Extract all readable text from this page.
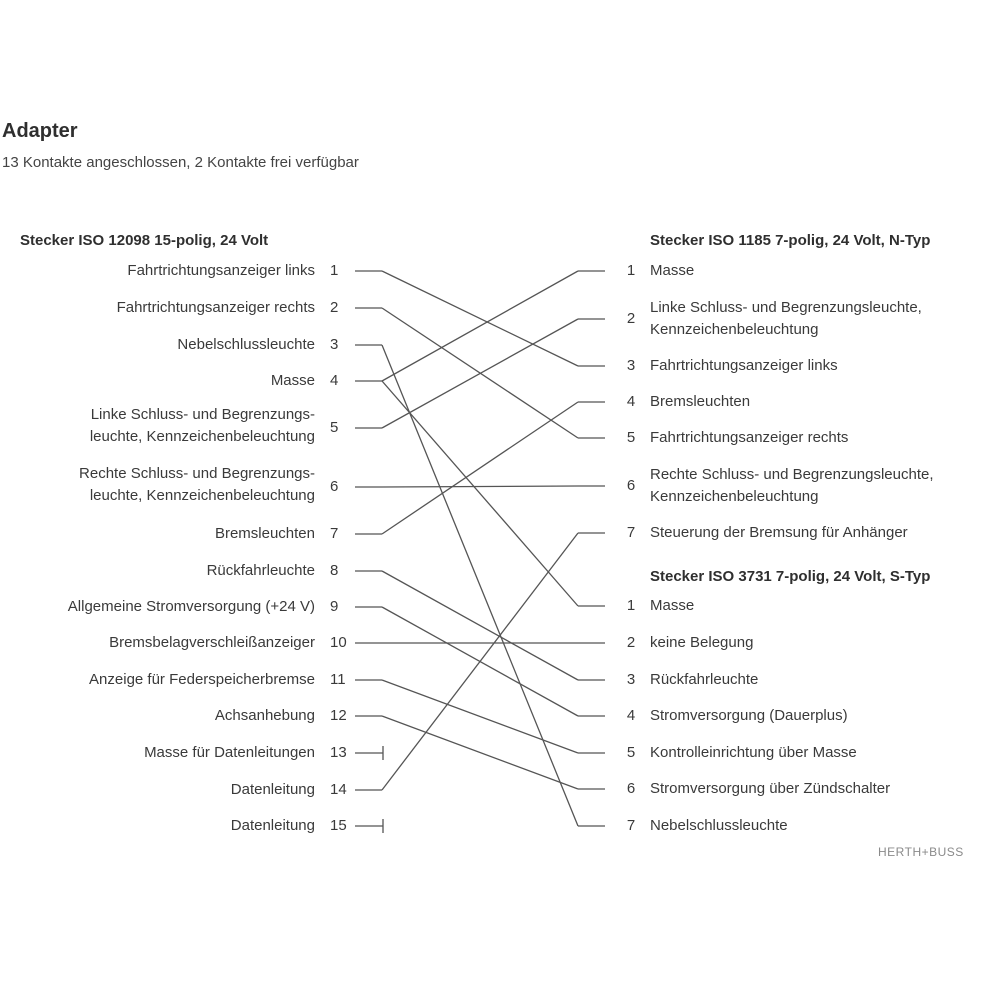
Adapter
13 Kontakte angeschlossen, 2 Kontakte frei verfügbar
Stecker ISO 12098 15-polig, 24 Volt	Stecker ISO 1185 7-polig, 24 Volt, N-Typ
Stecker ISO 3731 7-polig, 24 Volt, S-Typ
Fahrtrichtungsanzeiger links 1
Fahrtrichtungsanzeiger rechts 2
Nebelschlussleuchte 3
Masse 4
Linke Schluss- und Begrenzungs-
leuchte, Kennzeichenbeleuchtung
5
Rechte Schluss- und Begrenzungs-
leuchte, Kennzeichenbeleuchtung
6
Bremsleuchten 7
Rückfahrleuchte 8
Allgemeine Stromversorgung (+24 V) 9
Bremsbelagverschleißanzeiger 10
Anzeige für Federspeicherbremse 11
Achsanhebung 12
Masse für Datenleitungen 13
Datenleitung 14
Datenleitung 15
1 Masse
2
Linke Schluss- und Begrenzungsleuchte,
Kennzeichenbeleuchtung
3 Fahrtrichtungsanzeiger links
4 Bremsleuchten
5 Fahrtrichtungsanzeiger rechts
6
Rechte Schluss- und Begrenzungsleuchte,
Kennzeichenbeleuchtung
7 Steuerung der Bremsung für Anhänger
1 Masse
2 keine Belegung
3 Rückfahrleuchte
4 Stromversorgung (Dauerplus)
5 Kontrolleinrichtung über Masse
6 Stromversorgung über Zündschalter
7 Nebelschlussleuchte
HERTH+BUSS
